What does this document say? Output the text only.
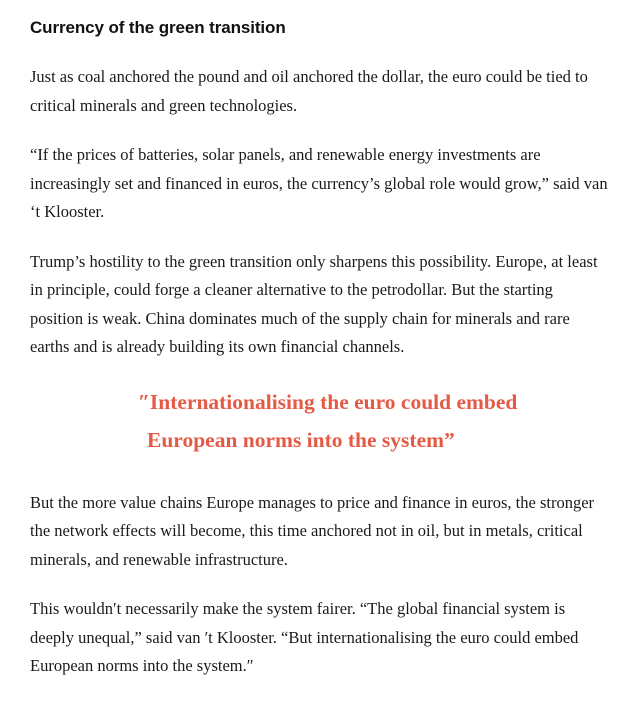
Currency of the green transition

Just as coal anchored the pound and oil anchored the dollar, the euro could be tied to critical minerals and green technologies.

“If the prices of batteries, solar panels, and renewable energy investments are increasingly set and financed in euros, the currency’s global role would grow,” said van ‘t Klooster.

Trump’s hostility to the green transition only sharpens this possibility. Europe, at least in principle, could forge a cleaner alternative to the petrodollar. But the starting position is weak. China dominates much of the supply chain for minerals and rare earths and is already building its own financial channels.

″Internationalising the euro could embed
European norms into the system”

But the more value chains Europe manages to price and finance in euros, the stronger the network effects will become, this time anchored not in oil, but in metals, critical minerals, and renewable infrastructure.

This wouldn′t necessarily make the system fairer. “The global financial system is deeply unequal,” said van ′t Klooster. “But internationalising the euro could embed European norms into the system.″
